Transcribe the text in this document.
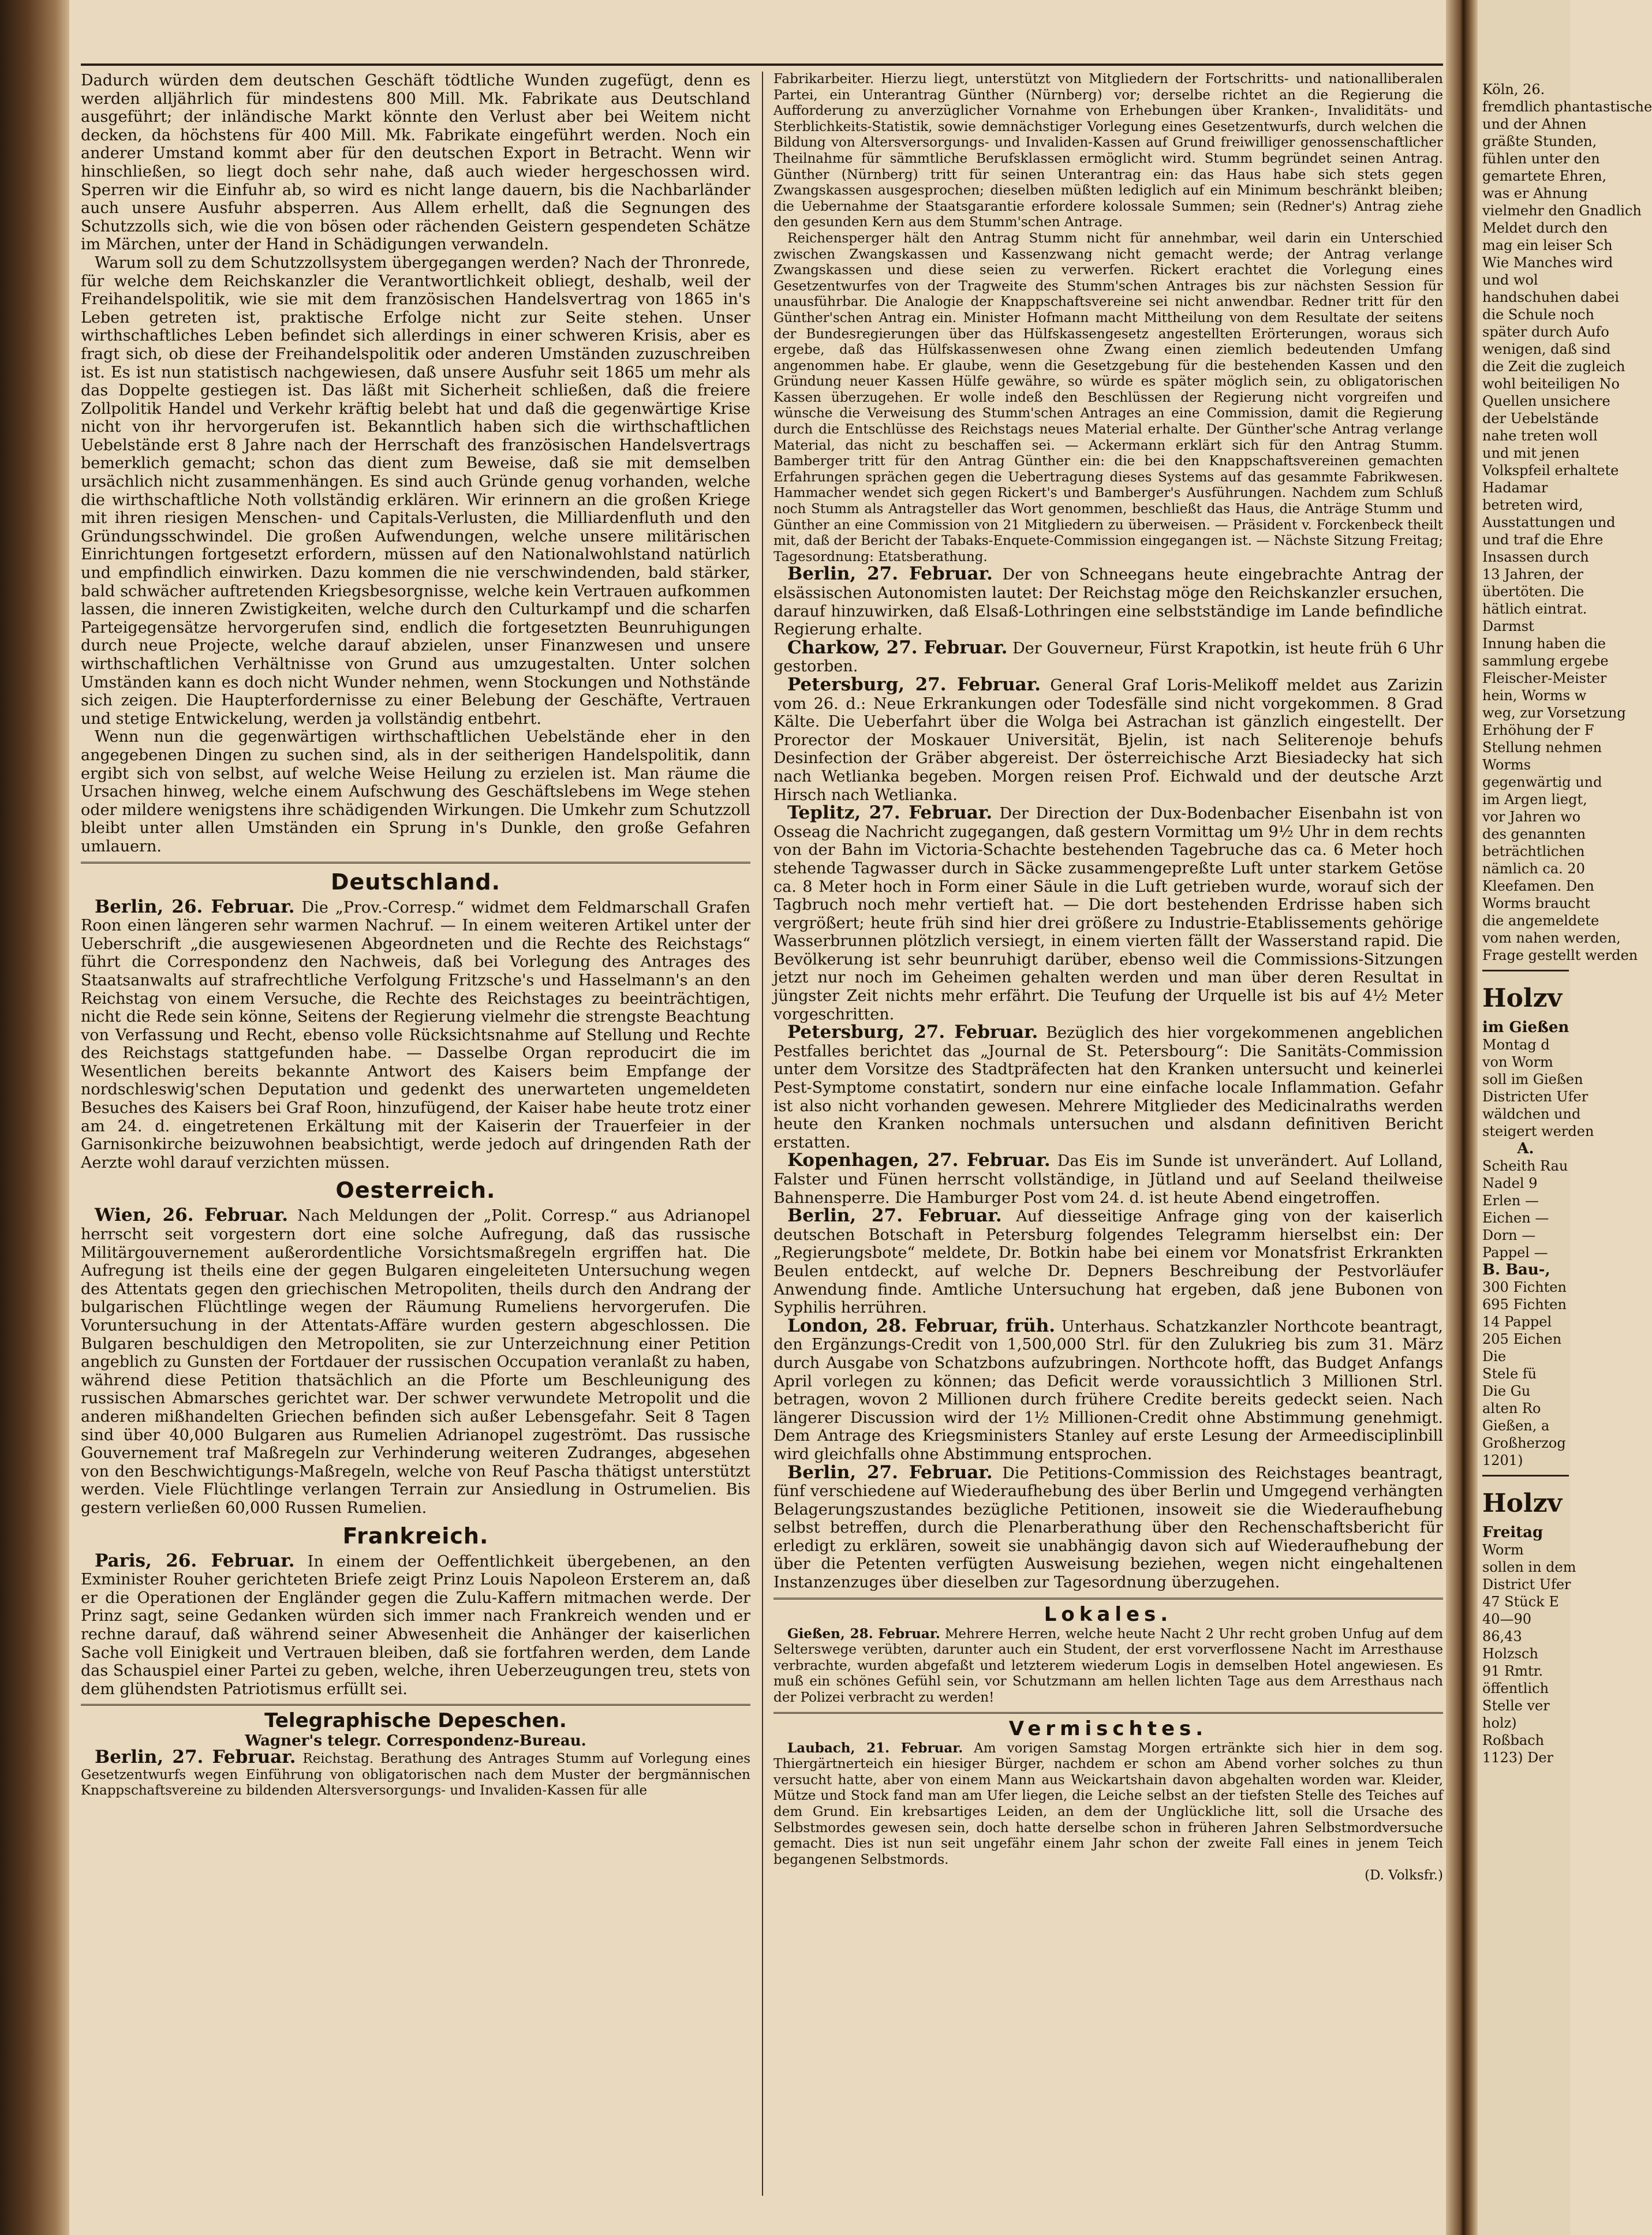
Dadurch würden dem deutschen Geschäft tödtliche Wunden zugefügt, denn es werden alljährlich für mindestens 800 Mill. Mk. Fabrikate aus Deutschland ausgeführt; der inländische Markt könnte den Verlust aber bei Weitem nicht decken, da höchstens für 400 Mill. Mk. Fabrikate eingeführt werden. Noch ein anderer Umstand kommt aber für den deutschen Export in Betracht. Wenn wir hinschließen, so liegt doch sehr nahe, daß auch wieder hergeschossen wird. Sperren wir die Einfuhr ab, so wird es nicht lange dauern, bis die Nachbarländer auch unsere Ausfuhr absperren. Aus Allem erhellt, daß die Segnungen des Schutzzolls sich, wie die von bösen oder rächenden Geistern gespendeten Schätze im Märchen, unter der Hand in Schädigungen verwandeln.

Warum soll zu dem Schutzzollsystem übergegangen werden? Nach der Thronrede, für welche dem Reichskanzler die Verantwortlichkeit obliegt, deshalb, weil der Freihandelspolitik, wie sie mit dem französischen Handelsvertrag von 1865 in's Leben getreten ist, praktische Erfolge nicht zur Seite stehen. Unser wirthschaftliches Leben befindet sich allerdings in einer schweren Krisis, aber es fragt sich, ob diese der Freihandelspolitik oder anderen Umständen zuzuschreiben ist. Es ist nun statistisch nachgewiesen, daß unsere Ausfuhr seit 1865 um mehr als das Doppelte gestiegen ist. Das läßt mit Sicherheit schließen, daß die freiere Zollpolitik Handel und Verkehr kräftig belebt hat und daß die gegenwärtige Krise nicht von ihr hervorgerufen ist. Bekanntlich haben sich die wirthschaftlichen Uebelstände erst 8 Jahre nach der Herrschaft des französischen Handelsvertrags bemerklich gemacht; schon das dient zum Beweise, daß sie mit demselben ursächlich nicht zusammenhängen. Es sind auch Gründe genug vorhanden, welche die wirthschaftliche Noth vollständig erklären. Wir erinnern an die großen Kriege mit ihren riesigen Menschen- und Capitals-Verlusten, die Milliardenfluth und den Gründungsschwindel. Die großen Aufwendungen, welche unsere militärischen Einrichtungen fortgesetzt erfordern, müssen auf den Nationalwohlstand natürlich und empfindlich einwirken. Dazu kommen die nie verschwindenden, bald stärker, bald schwächer auftretenden Kriegsbesorgnisse, welche kein Vertrauen aufkommen lassen, die inneren Zwistigkeiten, welche durch den Culturkampf und die scharfen Parteigegensätze hervorgerufen sind, endlich die fortgesetzten Beunruhigungen durch neue Projecte, welche darauf abzielen, unser Finanzwesen und unsere wirthschaftlichen Verhältnisse von Grund aus umzugestalten. Unter solchen Umständen kann es doch nicht Wunder nehmen, wenn Stockungen und Nothstände sich zeigen. Die Haupterfordernisse zu einer Belebung der Geschäfte, Vertrauen und stetige Entwickelung, werden ja vollständig entbehrt.

Wenn nun die gegenwärtigen wirthschaftlichen Uebelstände eher in den angegebenen Dingen zu suchen sind, als in der seitherigen Handelspolitik, dann ergibt sich von selbst, auf welche Weise Heilung zu erzielen ist. Man räume die Ursachen hinweg, welche einem Aufschwung des Geschäftslebens im Wege stehen oder mildere wenigstens ihre schädigenden Wirkungen. Die Umkehr zum Schutzzoll bleibt unter allen Umständen ein Sprung in's Dunkle, den große Gefahren umlauern.

Deutschland.

Berlin, 26. Februar. Die „Prov.-Corresp.“ widmet dem Feldmarschall Grafen Roon einen längeren sehr warmen Nachruf. — In einem weiteren Artikel unter der Ueberschrift „die ausgewiesenen Abgeordneten und die Rechte des Reichstags“ führt die Correspondenz den Nachweis, daß bei Vorlegung des Antrages des Staatsanwalts auf strafrechtliche Verfolgung Fritzsche's und Hasselmann's an den Reichstag von einem Versuche, die Rechte des Reichstages zu beeinträchtigen, nicht die Rede sein könne, Seitens der Regierung vielmehr die strengste Beachtung von Verfassung und Recht, ebenso volle Rücksichtsnahme auf Stellung und Rechte des Reichstags stattgefunden habe. — Dasselbe Organ reproducirt die im Wesentlichen bereits bekannte Antwort des Kaisers beim Empfange der nordschleswig'schen Deputation und gedenkt des unerwarteten ungemeldeten Besuches des Kaisers bei Graf Roon, hinzufügend, der Kaiser habe heute trotz einer am 24. d. eingetretenen Erkältung mit der Kaiserin der Trauerfeier in der Garnisonkirche beizuwohnen beabsichtigt, werde jedoch auf dringenden Rath der Aerzte wohl darauf verzichten müssen.

Oesterreich.

Wien, 26. Februar. Nach Meldungen der „Polit. Corresp.“ aus Adrianopel herrscht seit vorgestern dort eine solche Aufregung, daß das russische Militärgouvernement außerordentliche Vorsichtsmaßregeln ergriffen hat. Die Aufregung ist theils eine der gegen Bulgaren eingeleiteten Untersuchung wegen des Attentats gegen den griechischen Metropoliten, theils durch den Andrang der bulgarischen Flüchtlinge wegen der Räumung Rumeliens hervorgerufen. Die Voruntersuchung in der Attentats-Affäre wurden gestern abgeschlossen. Die Bulgaren beschuldigen den Metropoliten, sie zur Unterzeichnung einer Petition angeblich zu Gunsten der Fortdauer der russischen Occupation veranlaßt zu haben, während diese Petition thatsächlich an die Pforte um Beschleunigung des russischen Abmarsches gerichtet war. Der schwer verwundete Metropolit und die anderen mißhandelten Griechen befinden sich außer Lebensgefahr. Seit 8 Tagen sind über 40,000 Bulgaren aus Rumelien Adrianopel zugeströmt. Das russische Gouvernement traf Maßregeln zur Verhinderung weiteren Zudranges, abgesehen von den Beschwichtigungs-Maßregeln, welche von Reuf Pascha thätigst unterstützt werden. Viele Flüchtlinge verlangen Terrain zur Ansiedlung in Ostrumelien. Bis gestern verließen 60,000 Russen Rumelien.

Frankreich.

Paris, 26. Februar. In einem der Oeffentlichkeit übergebenen, an den Exminister Rouher gerichteten Briefe zeigt Prinz Louis Napoleon Ersterem an, daß er die Operationen der Engländer gegen die Zulu-Kaffern mitmachen werde. Der Prinz sagt, seine Gedanken würden sich immer nach Frankreich wenden und er rechne darauf, daß während seiner Abwesenheit die Anhänger der kaiserlichen Sache voll Einigkeit und Vertrauen bleiben, daß sie fortfahren werden, dem Lande das Schauspiel einer Partei zu geben, welche, ihren Ueberzeugungen treu, stets von dem glühendsten Patriotismus erfüllt sei.

Telegraphische Depeschen.
Wagner's telegr. Correspondenz-Bureau.

Berlin, 27. Februar. Reichstag. Berathung des Antrages Stumm auf Vorlegung eines Gesetzentwurfs wegen Einführung von obligatorischen nach dem Muster der bergmännischen Knappschaftsvereine zu bildenden Altersversorgungs- und Invaliden-Kassen für alle

Fabrikarbeiter. Hierzu liegt, unterstützt von Mitgliedern der Fortschritts- und nationalliberalen Partei, ein Unterantrag Günther (Nürnberg) vor; derselbe richtet an die Regierung die Aufforderung zu anverzüglicher Vornahme von Erhebungen über Kranken-, Invaliditäts- und Sterblichkeits-Statistik, sowie demnächstiger Vorlegung eines Gesetzentwurfs, durch welchen die Bildung von Altersversorgungs- und Invaliden-Kassen auf Grund freiwilliger genossenschaftlicher Theilnahme für sämmtliche Berufsklassen ermöglicht wird. Stumm begründet seinen Antrag. Günther (Nürnberg) tritt für seinen Unterantrag ein: das Haus habe sich stets gegen Zwangskassen ausgesprochen; dieselben müßten lediglich auf ein Minimum beschränkt bleiben; die Uebernahme der Staatsgarantie erfordere kolossale Summen; sein (Redner's) Antrag ziehe den gesunden Kern aus dem Stumm'schen Antrage.

Reichensperger hält den Antrag Stumm nicht für annehmbar, weil darin ein Unterschied zwischen Zwangskassen und Kassenzwang nicht gemacht werde; der Antrag verlange Zwangskassen und diese seien zu verwerfen. Rickert erachtet die Vorlegung eines Gesetzentwurfes von der Tragweite des Stumm'schen Antrages bis zur nächsten Session für unausführbar. Die Analogie der Knappschaftsvereine sei nicht anwendbar. Redner tritt für den Günther'schen Antrag ein. Minister Hofmann macht Mittheilung von dem Resultate der seitens der Bundesregierungen über das Hülfskassengesetz angestellten Erörterungen, woraus sich ergebe, daß das Hülfskassenwesen ohne Zwang einen ziemlich bedeutenden Umfang angenommen habe. Er glaube, wenn die Gesetzgebung für die bestehenden Kassen und den Gründung neuer Kassen Hülfe gewähre, so würde es später möglich sein, zu obligatorischen Kassen überzugehen. Er wolle indeß den Beschlüssen der Regierung nicht vorgreifen und wünsche die Verweisung des Stumm'schen Antrages an eine Commission, damit die Regierung durch die Entschlüsse des Reichstags neues Material erhalte. Der Günther'sche Antrag verlange Material, das nicht zu beschaffen sei. — Ackermann erklärt sich für den Antrag Stumm. Bamberger tritt für den Antrag Günther ein: die bei den Knappschaftsvereinen gemachten Erfahrungen sprächen gegen die Uebertragung dieses Systems auf das gesammte Fabrikwesen. Hammacher wendet sich gegen Rickert's und Bamberger's Ausführungen. Nachdem zum Schluß noch Stumm als Antragsteller das Wort genommen, beschließt das Haus, die Anträge Stumm und Günther an eine Commission von 21 Mitgliedern zu überweisen. — Präsident v. Forckenbeck theilt mit, daß der Bericht der Tabaks-Enquete-Commission eingegangen ist. — Nächste Sitzung Freitag; Tagesordnung: Etatsberathung.

Berlin, 27. Februar. Der von Schneegans heute eingebrachte Antrag der elsässischen Autonomisten lautet: Der Reichstag möge den Reichskanzler ersuchen, darauf hinzuwirken, daß Elsaß-Lothringen eine selbstständige im Lande befindliche Regierung erhalte.

Charkow, 27. Februar. Der Gouverneur, Fürst Krapotkin, ist heute früh 6 Uhr gestorben.

Petersburg, 27. Februar. General Graf Loris-Melikoff meldet aus Zarizin vom 26. d.: Neue Erkrankungen oder Todesfälle sind nicht vorgekommen. 8 Grad Kälte. Die Ueberfahrt über die Wolga bei Astrachan ist gänzlich eingestellt. Der Prorector der Moskauer Universität, Bjelin, ist nach Seliterenoje behufs Desinfection der Gräber abgereist. Der österreichische Arzt Biesiadecky hat sich nach Wetlianka begeben. Morgen reisen Prof. Eichwald und der deutsche Arzt Hirsch nach Wetlianka.

Teplitz, 27. Februar. Der Direction der Dux-Bodenbacher Eisenbahn ist von Osseag die Nachricht zugegangen, daß gestern Vormittag um 9½ Uhr in dem rechts von der Bahn im Victoria-Schachte bestehenden Tagebruche das ca. 6 Meter hoch stehende Tagwasser durch in Säcke zusammengepreßte Luft unter starkem Getöse ca. 8 Meter hoch in Form einer Säule in die Luft getrieben wurde, worauf sich der Tagbruch noch mehr vertieft hat. — Die dort bestehenden Erdrisse haben sich vergrößert; heute früh sind hier drei größere zu Industrie-Etablissements gehörige Wasserbrunnen plötzlich versiegt, in einem vierten fällt der Wasserstand rapid. Die Bevölkerung ist sehr beunruhigt darüber, ebenso weil die Commissions-Sitzungen jetzt nur noch im Geheimen gehalten werden und man über deren Resultat in jüngster Zeit nichts mehr erfährt. Die Teufung der Urquelle ist bis auf 4½ Meter vorgeschritten.

Petersburg, 27. Februar. Bezüglich des hier vorgekommenen angeblichen Pestfalles berichtet das „Journal de St. Petersbourg“: Die Sanitäts-Commission unter dem Vorsitze des Stadtpräfecten hat den Kranken untersucht und keinerlei Pest-Symptome constatirt, sondern nur eine einfache locale Inflammation. Gefahr ist also nicht vorhanden gewesen. Mehrere Mitglieder des Medicinalraths werden heute den Kranken nochmals untersuchen und alsdann definitiven Bericht erstatten.

Kopenhagen, 27. Februar. Das Eis im Sunde ist unverändert. Auf Lolland, Falster und Fünen herrscht vollständige, in Jütland und auf Seeland theilweise Bahnensperre. Die Hamburger Post vom 24. d. ist heute Abend eingetroffen.

Berlin, 27. Februar. Auf diesseitige Anfrage ging von der kaiserlich deutschen Botschaft in Petersburg folgendes Telegramm hierselbst ein: Der „Regierungsbote“ meldete, Dr. Botkin habe bei einem vor Monatsfrist Erkrankten Beulen entdeckt, auf welche Dr. Depners Beschreibung der Pestvorläufer Anwendung finde. Amtliche Untersuchung hat ergeben, daß jene Bubonen von Syphilis herrühren.

London, 28. Februar, früh. Unterhaus. Schatzkanzler Northcote beantragt, den Ergänzungs-Credit von 1,500,000 Strl. für den Zulukrieg bis zum 31. März durch Ausgabe von Schatzbons aufzubringen. Northcote hofft, das Budget Anfangs April vorlegen zu können; das Deficit werde voraussichtlich 3 Millionen Strl. betragen, wovon 2 Millionen durch frühere Credite bereits gedeckt seien. Nach längerer Discussion wird der 1½ Millionen-Credit ohne Abstimmung genehmigt. Dem Antrage des Kriegsministers Stanley auf erste Lesung der Armeedisciplinbill wird gleichfalls ohne Abstimmung entsprochen.

Berlin, 27. Februar. Die Petitions-Commission des Reichstages beantragt, fünf verschiedene auf Wiederaufhebung des über Berlin und Umgegend verhängten Belagerungszustandes bezügliche Petitionen, insoweit sie die Wiederaufhebung selbst betreffen, durch die Plenarberathung über den Rechenschaftsbericht für erledigt zu erklären, soweit sie unabhängig davon sich auf Wiederaufhebung der über die Petenten verfügten Ausweisung beziehen, wegen nicht eingehaltenen Instanzenzuges über dieselben zur Tagesordnung überzugehen.

Lokales.

Gießen, 28. Februar. Mehrere Herren, welche heute Nacht 2 Uhr recht groben Unfug auf dem Selterswege verübten, darunter auch ein Student, der erst vorverflossene Nacht im Arresthause verbrachte, wurden abgefaßt und letzterem wiederum Logis in demselben Hotel angewiesen. Es muß ein schönes Gefühl sein, vor Schutzmann am hellen lichten Tage aus dem Arresthaus nach der Polizei verbracht zu werden!

Vermischtes.

Laubach, 21. Februar. Am vorigen Samstag Morgen ertränkte sich hier in dem sog. Thiergärtnerteich ein hiesiger Bürger, nachdem er schon am Abend vorher solches zu thun versucht hatte, aber von einem Mann aus Weickartshain davon abgehalten worden war. Kleider, Mütze und Stock fand man am Ufer liegen, die Leiche selbst an der tiefsten Stelle des Teiches auf dem Grund. Ein krebsartiges Leiden, an dem der Unglückliche litt, soll die Ursache des Selbstmordes gewesen sein, doch hatte derselbe schon in früheren Jahren Selbstmordversuche gemacht. Dies ist nun seit ungefähr einem Jahr schon der zweite Fall eines in jenem Teich begangenen Selbstmords.

(D. Volksfr.)
Köln, 26.
fremdlich phantastische
und der Ahnen
gräßte Stunden,
fühlen unter den
gemartete Ehren,
was er Ahnung
vielmehr den Gnadlich
Meldet durch den
mag ein leiser Sch
Wie Manches wird
und wol
handschuhen dabei
die Schule noch
später durch Aufo
wenigen, daß sind
die Zeit die zugleich
wohl beiteiligen No
Quellen unsichere
der Uebelstände
nahe treten woll
und mit jenen
Volkspfeil erhaltete
Hadamar
betreten wird,
Ausstattungen und
und traf die Ehre
Insassen durch
13 Jahren, der
übertöten. Die
hätlich eintrat.
Darmst
Innung haben die
sammlung ergebe
Fleischer-Meister
hein, Worms w
weg, zur Vorsetzung
Erhöhung der F
Stellung nehmen
Worms
gegenwärtig und
im Argen liegt,
vor Jahren wo
des genannten
beträchtlichen
nämlich ca. 20
Kleefamen. Den
Worms braucht
die angemeldete
vom nahen werden,
Frage gestellt werden
Holzv
im Gießen
Montag d
von Worm
soll im Gießen
Districten Ufer
wäldchen und
steigert werden
A.
Scheith Rau
Nadel 9
Erlen —
Eichen —
Dorn —
Pappel —
B. Bau-,
300 Fichten
695 Fichten
14 Pappel
205 Eichen
Die
Stele fü
Die Gu
alten Ro
Gießen, a
Großherzog
1201)
Holzv
Freitag
Worm
sollen in dem
District Ufer
47 Stück E
40—90
86,43
Holzsch
91 Rmtr.
öffentlich
Stelle ver
holz)
Roßbach
1123) Der
